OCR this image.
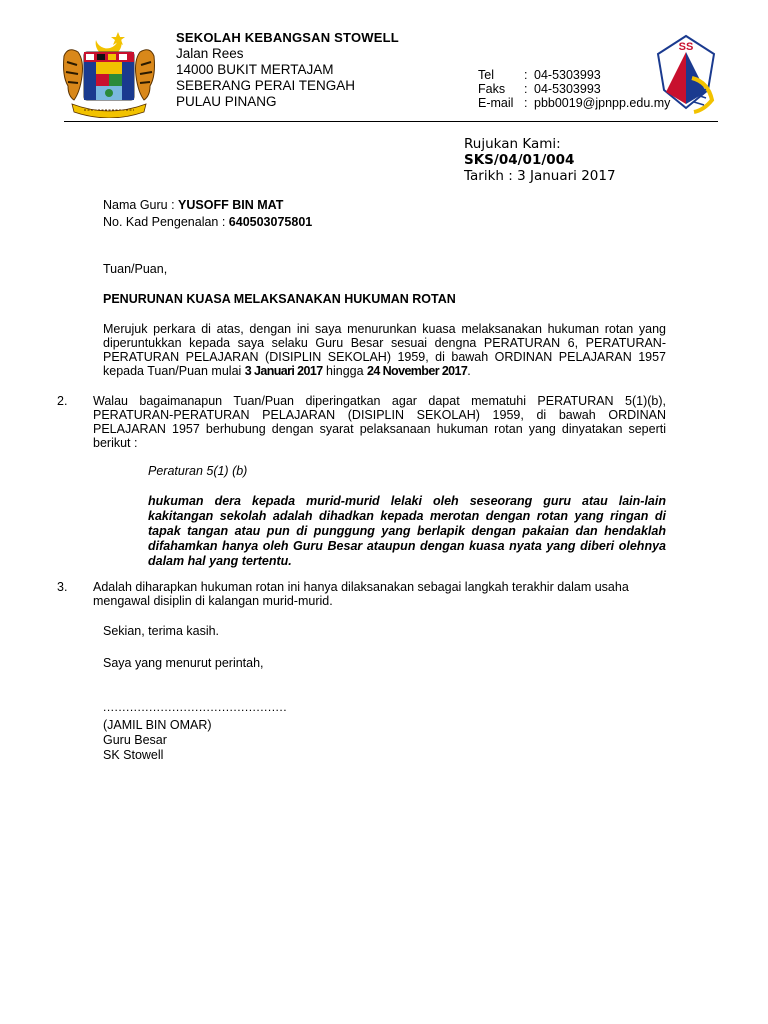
SEKOLAH KEBANGSAN STOWELL
Jalan Rees
14000 BUKIT MERTAJAM
SEBERANG PERAI TENGAH
PULAU PINANG
Tel	: 04-5303993
Faks	: 04-5303993
E-mail : pbb0019@jpnpp.edu.my
SS
Rujukan Kami:
SKS/04/01/004
Tarikh : 3 Januari 2017
Nama Guru : YUSOFF BIN MAT
No. Kad Pengenalan : 640503075801
Tuan/Puan,
PENURUNAN KUASA MELAKSANAKAN HUKUMAN ROTAN
Merujuk perkara di atas, dengan ini saya menurunkan kuasa melaksanakan hukuman rotan yang diperuntukkan kepada saya selaku Guru Besar sesuai dengna PERATURAN 6, PERATURAN-PERATURAN PELAJARAN (DISIPLIN SEKOLAH) 1959, di bawah ORDINAN PELAJARAN 1957 kepada Tuan/Puan mulai 3 Januari 2017 hingga 24 November 2017.
2. Walau bagaimanapun Tuan/Puan diperingatkan agar dapat mematuhi PERATURAN 5(1)(b), PERATURAN-PERATURAN PELAJARAN (DISIPLIN SEKOLAH) 1959, di bawah ORDINAN PELAJARAN 1957 berhubung dengan syarat pelaksanaan hukuman rotan yang dinyatakan seperti berikut :
Peraturan 5(1) (b)
hukuman dera kepada murid-murid lelaki oleh seseorang guru atau lain-lain kakitangan sekolah adalah dihadkan kepada merotan dengan rotan yang ringan di tapak tangan atau pun di punggung yang berlapik dengan pakaian dan hendaklah difahamkan hanya oleh Guru Besar ataupun dengan kuasa nyata yang diberi olehnya dalam hal yang tertentu.
3. Adalah diharapkan hukuman rotan ini hanya dilaksanakan sebagai langkah terakhir dalam usaha mengawal disiplin di kalangan murid-murid.
Sekian, terima kasih.
Saya yang menurut perintah,
................................................
(JAMIL BIN OMAR)
Guru Besar
SK Stowell
